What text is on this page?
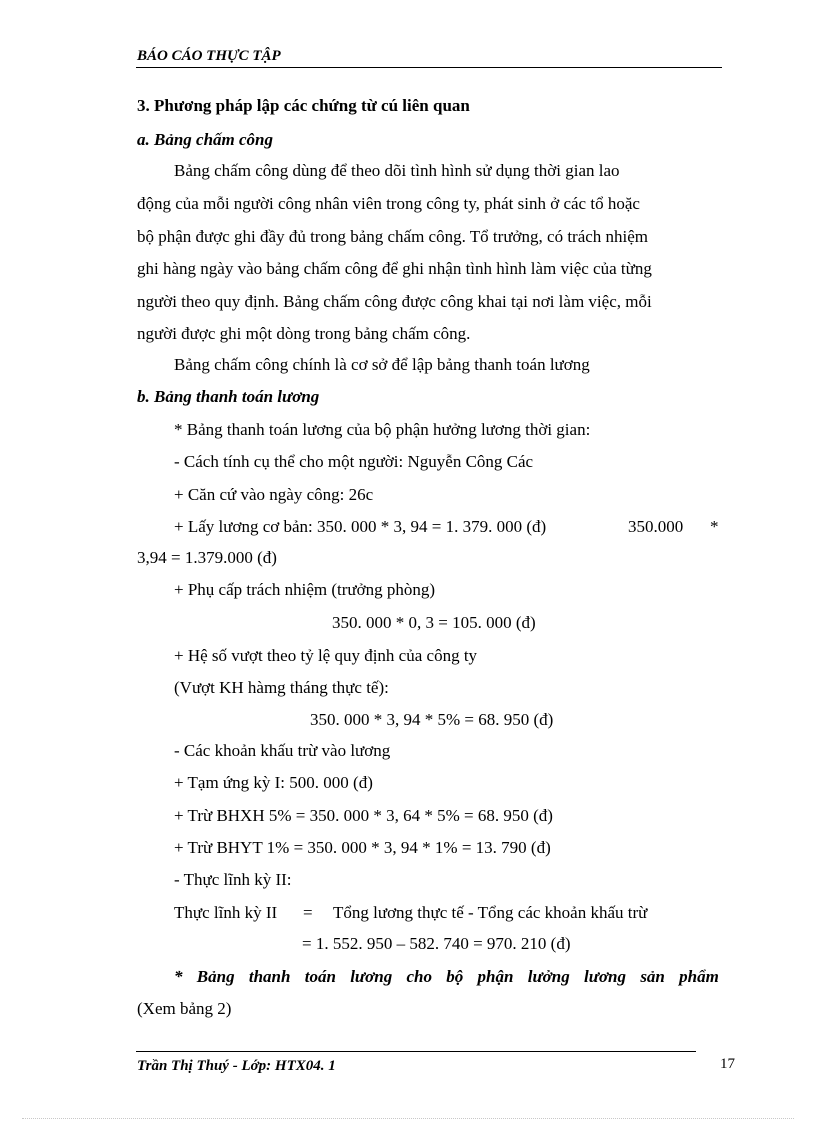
BÁO CÁO THỰC TẬP
3. Phương pháp lập các chứng từ cú liên quan
a. Bảng chấm công
Bảng chấm công dùng để theo dõi tình hình sử dụng thời gian lao
động của mỗi người công nhân viên trong công ty, phát sinh ở các tổ hoặc
bộ phận được ghi đầy đủ trong bảng chấm công. Tổ trưởng, có trách nhiệm
ghi hàng ngày vào bảng chấm công để ghi nhận tình hình làm việc của từng
người theo quy định. Bảng chấm công được công khai tại nơi làm việc, mỗi
người được ghi một dòng trong bảng chấm công.
Bảng chấm công chính là cơ sở để lập bảng thanh toán lương
b. Bảng thanh toán lương
* Bảng thanh toán lương của bộ phận hưởng lương thời gian:
- Cách tính cụ thể cho một người: Nguyễn Công Các
+ Căn cứ vào ngày công: 26c
+ Lấy lương cơ bản: 350. 000 * 3, 94 = 1. 379. 000 (đ)	350.000 *
3,94 = 1.379.000 (đ)
+ Phụ cấp trách nhiệm (trưởng phòng)
350. 000 * 0, 3 = 105. 000 (đ)
+ Hệ số vượt theo tỷ lệ quy định của công ty
(Vượt KH hàmg tháng thực tế):
350. 000 * 3, 94 * 5% = 68. 950 (đ)
- Các khoản khấu trừ vào lương
+ Tạm ứng kỳ I: 500. 000 (đ)
+ Trừ BHXH 5% = 350. 000 * 3, 64 * 5% = 68. 950 (đ)
+ Trừ BHYT 1% = 350. 000 * 3, 94 * 1% = 13. 790 (đ)
- Thực lĩnh kỳ II:
Thực lĩnh kỳ II = Tổng lương thực tế - Tổng các khoản khấu trừ
= 1. 552. 950 – 582. 740 = 970. 210 (đ)
* Bảng thanh toán lương cho bộ phận lưởng lương sản phẩm
(Xem bảng 2)
Trần Thị Thuý - Lớp: HTX04. 1	17
